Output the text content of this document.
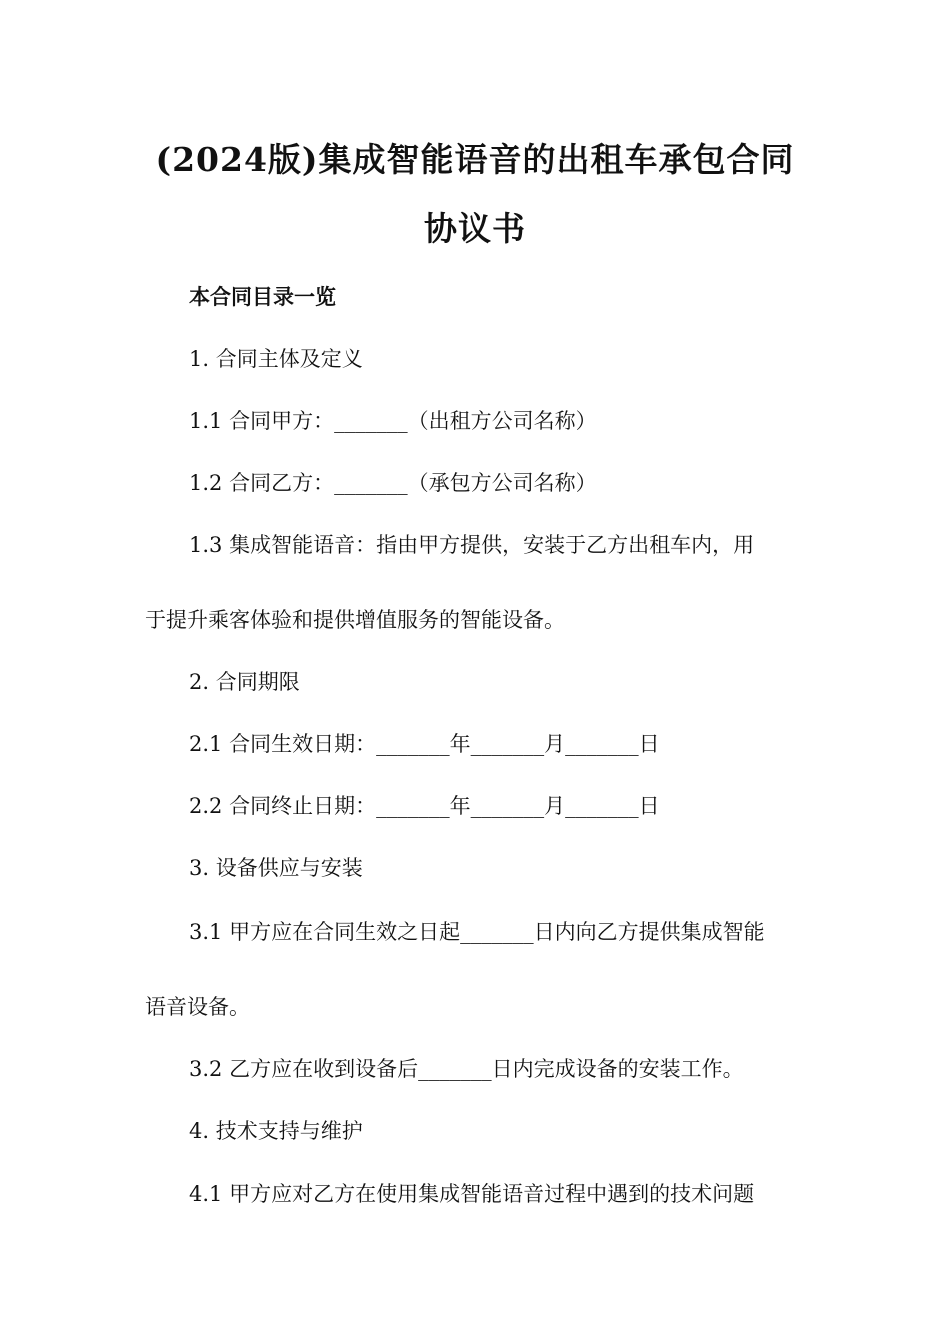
(2024版)集成智能语音的出租车承包合同
协议书
本合同目录一览
1. 合同主体及定义
1.1 合同甲方：_______（出租方公司名称）
1.2 合同乙方：_______（承包方公司名称）
1.3 集成智能语音：指由甲方提供，安装于乙方出租车内，用
于提升乘客体验和提供增值服务的智能设备。
2. 合同期限
2.1 合同生效日期：_______年_______月_______日
2.2 合同终止日期：_______年_______月_______日
3. 设备供应与安装
3.1 甲方应在合同生效之日起_______日内向乙方提供集成智能
语音设备。
3.2 乙方应在收到设备后_______日内完成设备的安装工作。
4. 技术支持与维护
4.1 甲方应对乙方在使用集成智能语音过程中遇到的技术问题
